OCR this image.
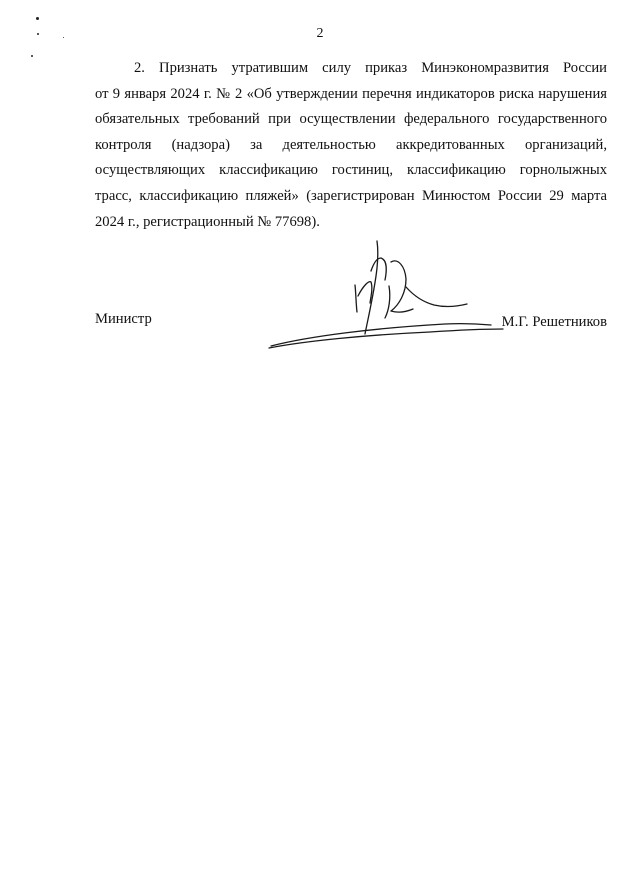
2
2. Признать утратившим силу приказ Минэкономразвития России
от 9 января 2024 г. № 2 «Об утверждении перечня индикаторов риска нарушения
обязательных требований при осуществлении федерального государственного
контроля (надзора) за деятельностью аккредитованных организаций,
осуществляющих классификацию гостиниц, классификацию горнолыжных
трасс, классификацию пляжей» (зарегистрирован Минюстом России 29 марта
2024 г., регистрационный № 77698).
Министр	М.Г. Решетников
